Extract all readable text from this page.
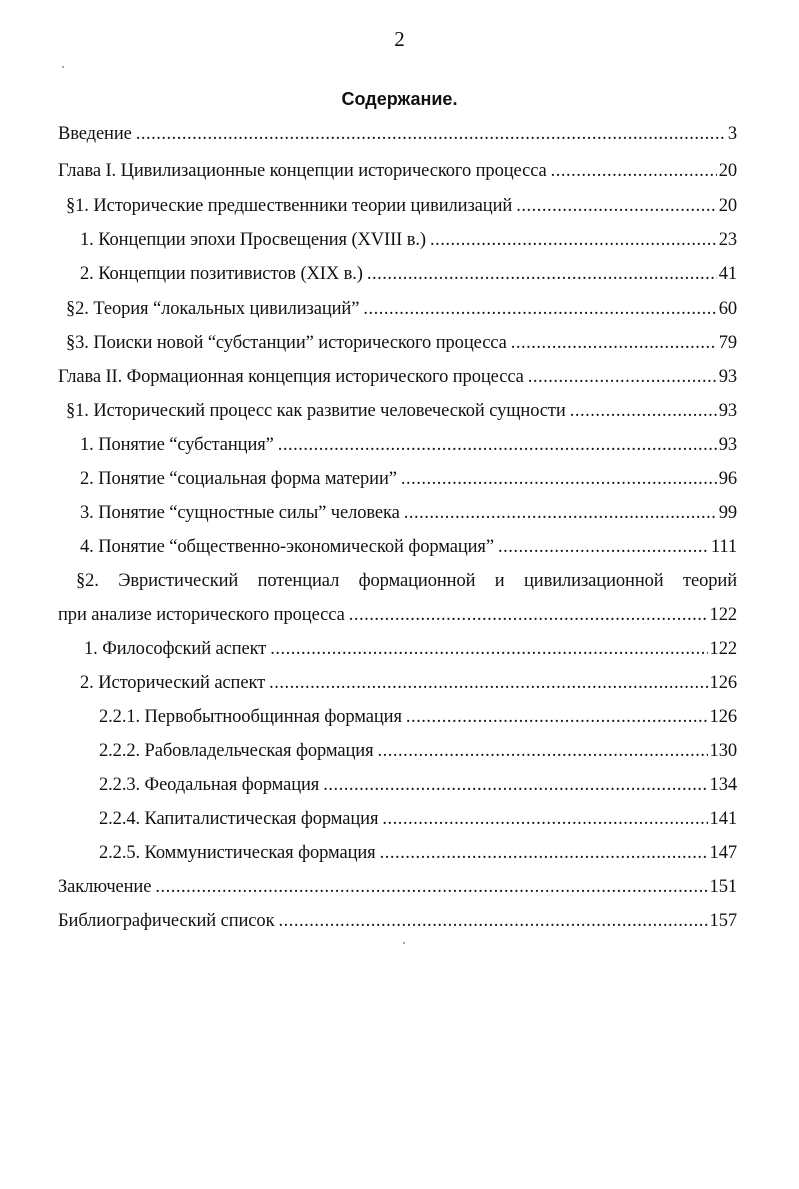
2
Содержание.
Введение .....	3
Глава I. Цивилизационные концепции исторического процесса .....	20
§1. Исторические предшественники теории цивилизаций .....	20
1. Концепции эпохи Просвещения (XVIII в.) .....	23
2. Концепции позитивистов (XIX в.) .....	41
§2. Теория “локальных цивилизаций” .....	60
§3. Поиски новой “субстанции” исторического процесса .....	79
Глава II. Формационная концепция исторического процесса .....	93
§1. Исторический процесс как развитие человеческой сущности .....	93
1. Понятие “субстанция” .....	93
2. Понятие “социальная форма материи” .....	96
3. Понятие “сущностные силы” человека .....	99
4. Понятие “общественно-экономической формация” .....	111
§2. Эвристический потенциал формационной и цивилизационной теорий
при анализе исторического процесса .....	122
1. Философский аспект .....	122
2. Исторический аспект .....	126
2.2.1. Первобытнообщинная формация .....	126
2.2.2. Рабовладельческая формация .....	130
2.2.3. Феодальная формация .....	134
2.2.4. Капиталистическая формация .....	141
2.2.5. Коммунистическая формация .....	147
Заключение .....	151
Библиографический список .....	157
